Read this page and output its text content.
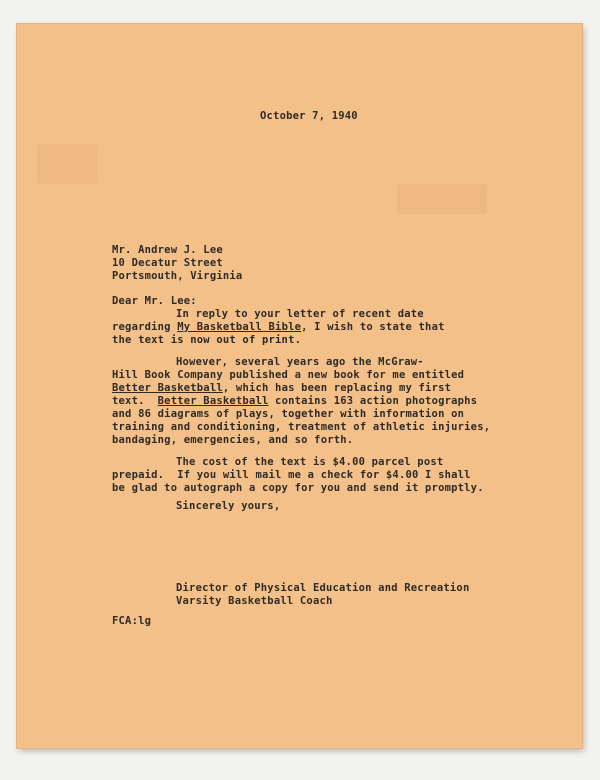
October 7, 1940
Mr. Andrew J. Lee
10 Decatur Street
Portsmouth, Virginia
Dear Mr. Lee:
In reply to your letter of recent date
regarding My Basketball Bible, I wish to state that
the text is now out of print.
However, several years ago the McGraw-
Hill Book Company published a new book for me entitled
Better Basketball, which has been replacing my first
text.  Better Basketball contains 163 action photographs
and 86 diagrams of plays, together with information on
training and conditioning, treatment of athletic injuries,
bandaging, emergencies, and so forth.
The cost of the text is $4.00 parcel post
prepaid.  If you will mail me a check for $4.00 I shall
be glad to autograph a copy for you and send it promptly.
Sincerely yours,
Director of Physical Education and Recreation
Varsity Basketball Coach
FCA:lg
